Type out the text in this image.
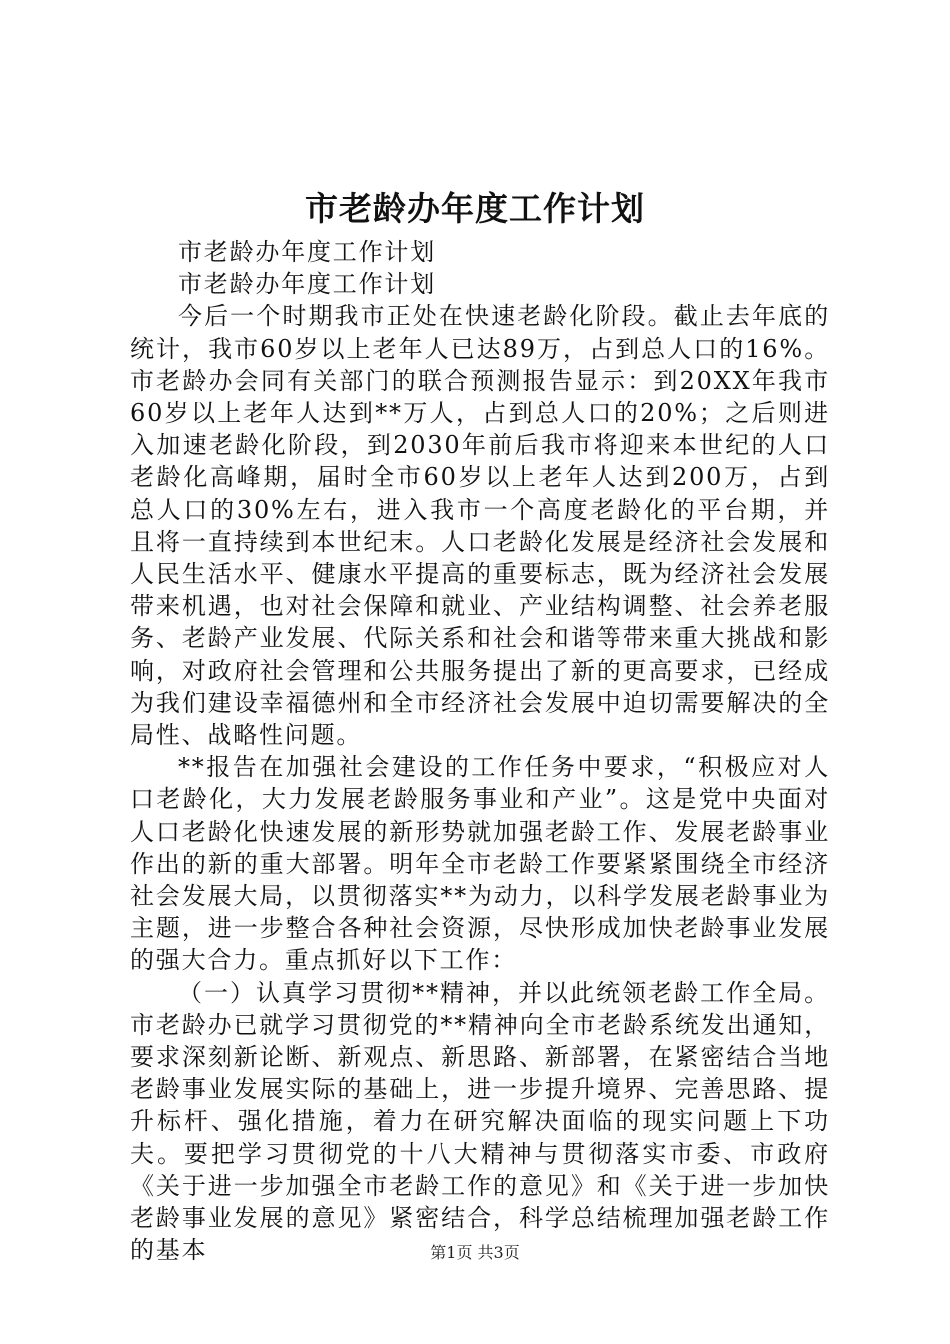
市老龄办年度工作计划

市老龄办年度工作计划

市老龄办年度工作计划

今后一个时期我市正处在快速老龄化阶段。截止去年底的统计，我市60岁以上老年人已达89万，占到总人口的16%。市老龄办会同有关部门的联合预测报告显示：到20XX年我市60岁以上老年人达到**万人，占到总人口的20%；之后则进入加速老龄化阶段，到2030年前后我市将迎来本世纪的人口老龄化高峰期，届时全市60岁以上老年人达到200万，占到总人口的30%左右，进入我市一个高度老龄化的平台期，并且将一直持续到本世纪末。人口老龄化发展是经济社会发展和人民生活水平、健康水平提高的重要标志，既为经济社会发展带来机遇，也对社会保障和就业、产业结构调整、社会养老服务、老龄产业发展、代际关系和社会和谐等带来重大挑战和影响，对政府社会管理和公共服务提出了新的更高要求，已经成为我们建设幸福德州和全市经济社会发展中迫切需要解决的全局性、战略性问题。

**报告在加强社会建设的工作任务中要求，“积极应对人口老龄化，大力发展老龄服务事业和产业”。这是党中央面对人口老龄化快速发展的新形势就加强老龄工作、发展老龄事业作出的新的重大部署。明年全市老龄工作要紧紧围绕全市经济社会发展大局，以贯彻落实**为动力，以科学发展老龄事业为主题，进一步整合各种社会资源，尽快形成加快老龄事业发展的强大合力。重点抓好以下工作：

（一）认真学习贯彻**精神，并以此统领老龄工作全局。市老龄办已就学习贯彻党的**精神向全市老龄系统发出通知，要求深刻新论断、新观点、新思路、新部署，在紧密结合当地老龄事业发展实际的基础上，进一步提升境界、完善思路、提升标杆、强化措施，着力在研究解决面临的现实问题上下功夫。要把学习贯彻党的十八大精神与贯彻落实市委、市政府《关于进一步加强全市老龄工作的意见》和《关于进一步加快老龄事业发展的意见》紧密结合，科学总结梳理加强老龄工作的基本	第1页 共3页
